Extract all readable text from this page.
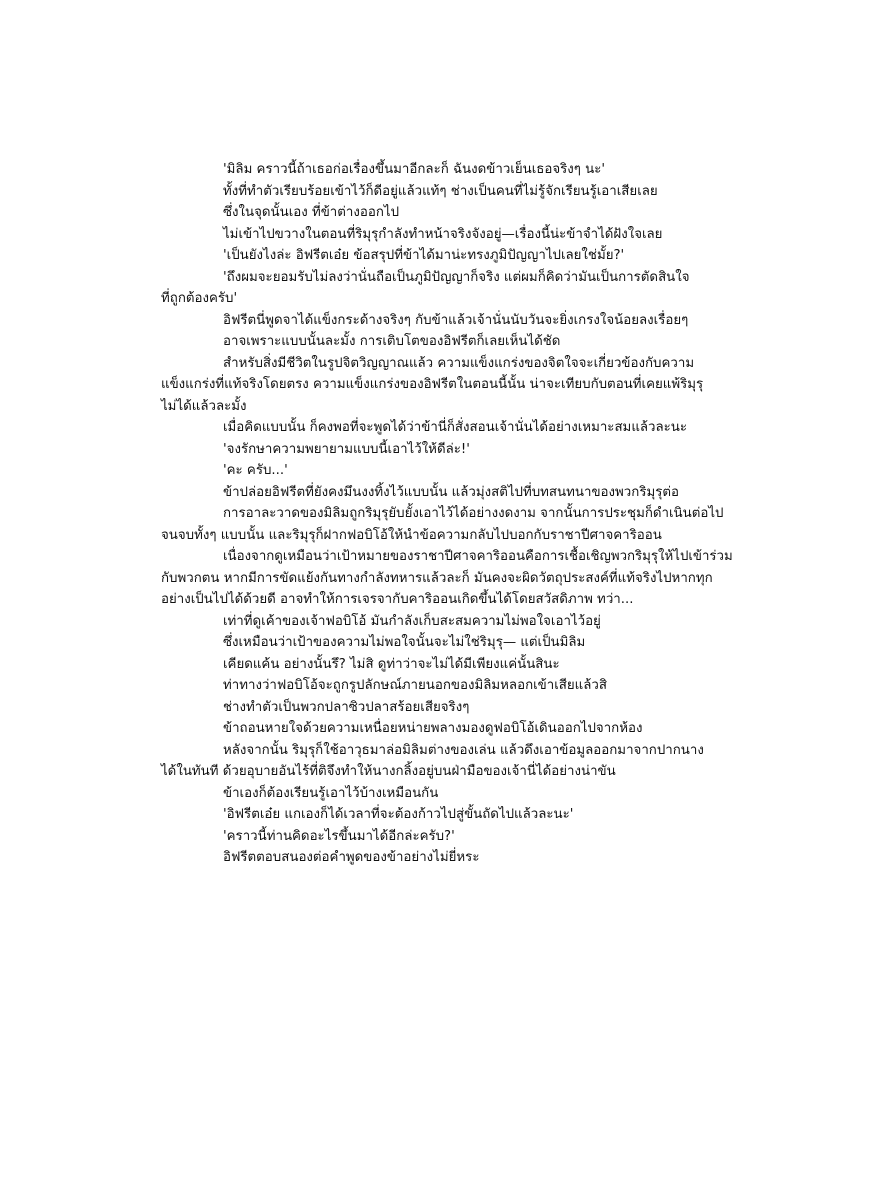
'มิลิม คราวนี้ถ้าเธอก่อเรื่องขึ้นมาอีกละก็ ฉันงดข้าวเย็นเธอจริงๆ นะ'
ทั้งที่ทำตัวเรียบร้อยเข้าไว้ก็ดีอยู่แล้วแท้ๆ ช่างเป็นคนที่ไม่รู้จักเรียนรู้เอาเสียเลย
ซึ่งในจุดนั้นเอง ที่ข้าต่างออกไป
ไม่เข้าไปขวางในตอนที่ริมุรุกำลังทำหน้าจริงจังอยู่—เรื่องนี้น่ะข้าจำได้ฝังใจเลย
'เป็นยังไงล่ะ อิฟรีตเอ๋ย ข้อสรุปที่ข้าได้มาน่ะทรงภูมิปัญญาไปเลยใช่มั้ย?'
'ถึงผมจะยอมรับไม่ลงว่านั่นถือเป็นภูมิปัญญาก็จริง แต่ผมก็คิดว่ามันเป็นการตัดสินใจ
ที่ถูกต้องครับ'
อิฟรีตนี่พูดจาได้แข็งกระด้างจริงๆ กับข้าแล้วเจ้านั่นนับวันจะยิ่งเกรงใจน้อยลงเรื่อยๆ
อาจเพราะแบบนั้นละมั้ง การเติบโตของอิฟรีตก็เลยเห็นได้ชัด
สำหรับสิ่งมีชีวิตในรูปจิตวิญญาณแล้ว ความแข็งแกร่งของจิตใจจะเกี่ยวข้องกับความ
แข็งแกร่งที่แท้จริงโดยตรง ความแข็งแกร่งของอิฟรีตในตอนนี้นั้น น่าจะเทียบกับตอนที่เคยแพ้ริมุรุ
ไม่ได้แล้วละมั้ง
เมื่อคิดแบบนั้น ก็คงพอที่จะพูดได้ว่าข้านี่ก็สั่งสอนเจ้านั่นได้อย่างเหมาะสมแล้วละนะ
'จงรักษาความพยายามแบบนี้เอาไว้ให้ดีล่ะ!'
'คะ ครับ...'
ข้าปล่อยอิฟรีตที่ยังคงมึนงงทิ้งไว้แบบนั้น แล้วมุ่งสติไปที่บทสนทนาของพวกริมุรุต่อ
การอาละวาดของมิลิมถูกริมุรุยับยั้งเอาไว้ได้อย่างงดงาม จากนั้นการประชุมก็ดำเนินต่อไป
จนจบทั้งๆ แบบนั้น และริมุรุก็ฝากฟอบิโอ้ให้นำข้อความกลับไปบอกกับราชาปีศาจคาริออน
เนื่องจากดูเหมือนว่าเป้าหมายของราชาปีศาจคาริออนคือการเชื้อเชิญพวกริมุรุให้ไปเข้าร่วม
กับพวกตน หากมีการขัดแย้งกันทางกำลังทหารแล้วละก็ มันคงจะผิดวัตถุประสงค์ที่แท้จริงไปหากทุก
อย่างเป็นไปได้ด้วยดี อาจทำให้การเจรจากับคาริออนเกิดขึ้นได้โดยสวัสดิภาพ ทว่า...
เท่าที่ดูเค้าของเจ้าฟอบิโอ้ มันกำลังเก็บสะสมความไม่พอใจเอาไว้อยู่
ซึ่งเหมือนว่าเป้าของความไม่พอใจนั้นจะไม่ใช่ริมุรุ— แต่เป็นมิลิม
เคียดแค้น อย่างนั้นรึ? ไม่สิ ดูท่าว่าจะไม่ได้มีเพียงแค่นั้นสินะ
ท่าทางว่าฟอบิโอ้จะถูกรูปลักษณ์ภายนอกของมิลิมหลอกเข้าเสียแล้วสิ
ช่างทำตัวเป็นพวกปลาซิวปลาสร้อยเสียจริงๆ
ข้าถอนหายใจด้วยความเหนื่อยหน่ายพลางมองดูฟอบิโอ้เดินออกไปจากห้อง
หลังจากนั้น ริมุรุก็ใช้อาวุธมาล่อมิลิมต่างของเล่น แล้วดึงเอาข้อมูลออกมาจากปากนาง
ได้ในทันที ด้วยอุบายอันไร้ที่ติจึงทำให้นางกลิ้งอยู่บนฝ่ามือของเจ้านี่ได้อย่างน่าขัน
ข้าเองก็ต้องเรียนรู้เอาไว้บ้างเหมือนกัน
'อิฟรีตเอ๋ย แกเองก็ได้เวลาที่จะต้องก้าวไปสู่ขั้นถัดไปแล้วละนะ'
'คราวนี้ท่านคิดอะไรขึ้นมาได้อีกล่ะครับ?'
อิฟรีตตอบสนองต่อคำพูดของข้าอย่างไม่ยี่หระ
